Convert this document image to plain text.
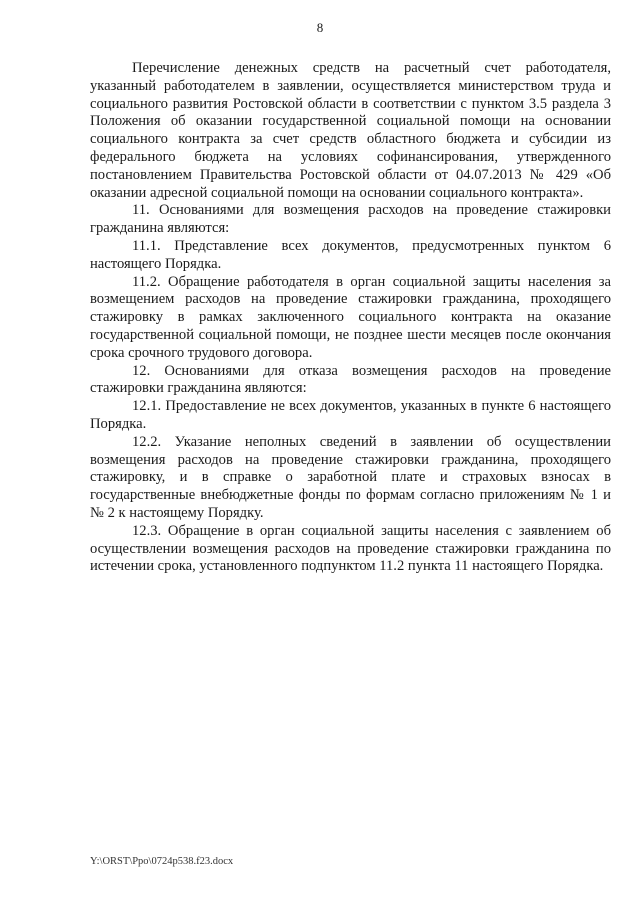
8

Перечисление денежных средств на расчетный счет работодателя, указанный работодателем в заявлении, осуществляется министерством труда и социального развития Ростовской области в соответствии с пунктом 3.5 раздела 3 Положения об оказании государственной социальной помощи на основании социального контракта за счет средств областного бюджета и субсидии из федерального бюджета на условиях софинансирования, утвержденного постановлением Правительства Ростовской области от 04.07.2013 № 429 «Об оказании адресной социальной помощи на основании социального контракта».

11. Основаниями для возмещения расходов на проведение стажировки гражданина являются:

11.1. Представление всех документов, предусмотренных пунктом 6 настоящего Порядка.

11.2. Обращение работодателя в орган социальной защиты населения за возмещением расходов на проведение стажировки гражданина, проходящего стажировку в рамках заключенного социального контракта на оказание государственной социальной помощи, не позднее шести месяцев после окончания срока срочного трудового договора.

12. Основаниями для отказа возмещения расходов на проведение стажировки гражданина являются:

12.1. Предоставление не всех документов, указанных в пункте 6 настоящего Порядка.

12.2. Указание неполных сведений в заявлении об осуществлении возмещения расходов на проведение стажировки гражданина, проходящего стажировку, и в справке о заработной плате и страховых взносах в государственные внебюджетные фонды по формам согласно приложениям № 1 и № 2 к настоящему Порядку.

12.3. Обращение в орган социальной защиты населения с заявлением об осуществлении возмещения расходов на проведение стажировки гражданина по истечении срока, установленного подпунктом 11.2 пункта 11 настоящего Порядка.

Y:\ORST\Ppo\0724p538.f23.docx
